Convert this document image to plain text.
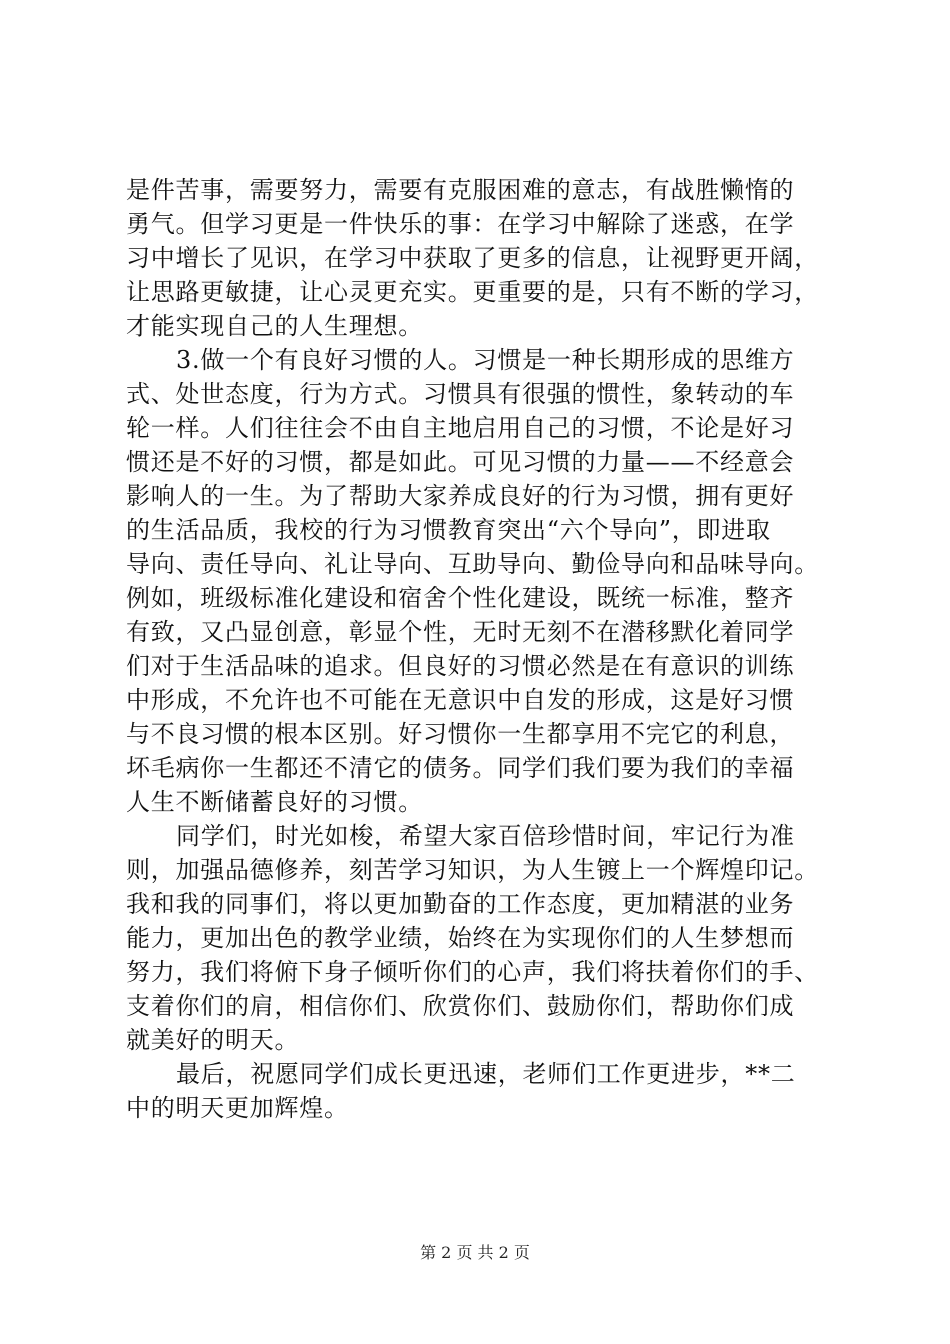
是件苦事，需要努力，需要有克服困难的意志，有战胜懒惰的
勇气。但学习更是一件快乐的事：在学习中解除了迷惑，在学
习中增长了见识，在学习中获取了更多的信息，让视野更开阔，
让思路更敏捷，让心灵更充实。更重要的是，只有不断的学习，
才能实现自己的人生理想。
3.做一个有良好习惯的人。习惯是一种长期形成的思维方
式、处世态度，行为方式。习惯具有很强的惯性，象转动的车
轮一样。人们往往会不由自主地启用自己的习惯，不论是好习
惯还是不好的习惯，都是如此。可见习惯的力量——不经意会
影响人的一生。为了帮助大家养成良好的行为习惯，拥有更好
的生活品质，我校的行为习惯教育突出“六个导向”，即进取
导向、责任导向、礼让导向、互助导向、勤俭导向和品味导向。
例如，班级标准化建设和宿舍个性化建设，既统一标准，整齐
有致，又凸显创意，彰显个性，无时无刻不在潜移默化着同学
们对于生活品味的追求。但良好的习惯必然是在有意识的训练
中形成，不允许也不可能在无意识中自发的形成，这是好习惯
与不良习惯的根本区别。好习惯你一生都享用不完它的利息，
坏毛病你一生都还不清它的债务。同学们我们要为我们的幸福
人生不断储蓄良好的习惯。
同学们，时光如梭，希望大家百倍珍惜时间，牢记行为准
则，加强品德修养，刻苦学习知识，为人生镀上一个辉煌印记。
我和我的同事们，将以更加勤奋的工作态度，更加精湛的业务
能力，更加出色的教学业绩，始终在为实现你们的人生梦想而
努力，我们将俯下身子倾听你们的心声，我们将扶着你们的手、
支着你们的肩，相信你们、欣赏你们、鼓励你们，帮助你们成
就美好的明天。
最后，祝愿同学们成长更迅速，老师们工作更进步，**二
中的明天更加辉煌。
第 2 页 共 2 页
